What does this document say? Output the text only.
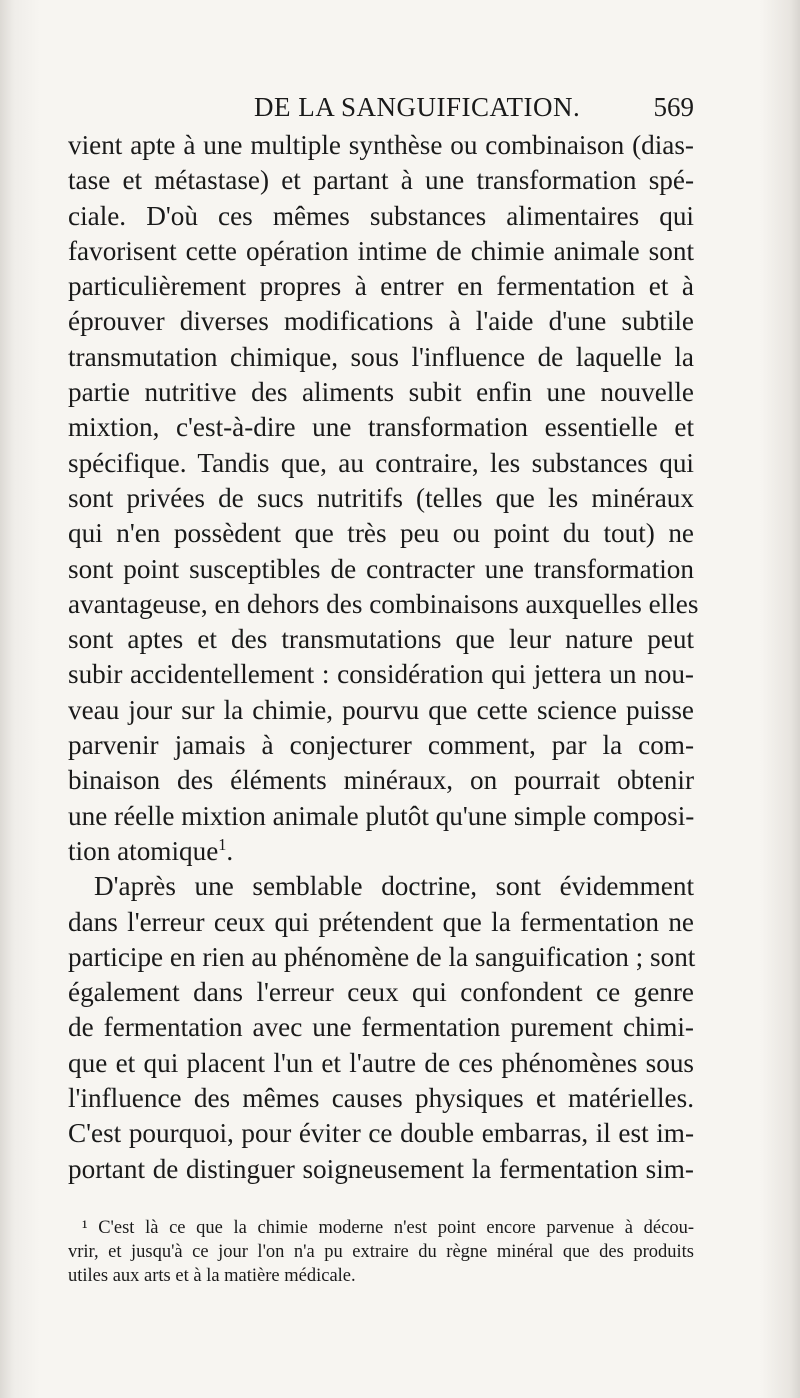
DE LA SANGUIFICATION.	569
vient apte à une multiple synthèse ou combinaison (dias-
tase et métastase) et partant à une transformation spé-
ciale. D'où ces mêmes substances alimentaires qui
favorisent cette opération intime de chimie animale sont
particulièrement propres à entrer en fermentation et à
éprouver diverses modifications à l'aide d'une subtile
transmutation chimique, sous l'influence de laquelle la
partie nutritive des aliments subit enfin une nouvelle
mixtion, c'est-à-dire une transformation essentielle et
spécifique. Tandis que, au contraire, les substances qui
sont privées de sucs nutritifs (telles que les minéraux
qui n'en possèdent que très peu ou point du tout) ne
sont point susceptibles de contracter une transformation
avantageuse, en dehors des combinaisons auxquelles elles
sont aptes et des transmutations que leur nature peut
subir accidentellement : considération qui jettera un nou-
veau jour sur la chimie, pourvu que cette science puisse
parvenir jamais à conjecturer comment, par la com-
binaison des éléments minéraux, on pourrait obtenir
une réelle mixtion animale plutôt qu'une simple composi-
tion atomique$^1$.
D'après une semblable doctrine, sont évidemment
dans l'erreur ceux qui prétendent que la fermentation ne
participe en rien au phénomène de la sanguification ; sont
également dans l'erreur ceux qui confondent ce genre
de fermentation avec une fermentation purement chimi-
que et qui placent l'un et l'autre de ces phénomènes sous
l'influence des mêmes causes physiques et matérielles.
C'est pourquoi, pour éviter ce double embarras, il est im-
portant de distinguer soigneusement la fermentation sim-
¹ C'est là ce que la chimie moderne n'est point encore parvenue à décou-
vrir, et jusqu'à ce jour l'on n'a pu extraire du règne minéral que des produits
utiles aux arts et à la matière médicale.
